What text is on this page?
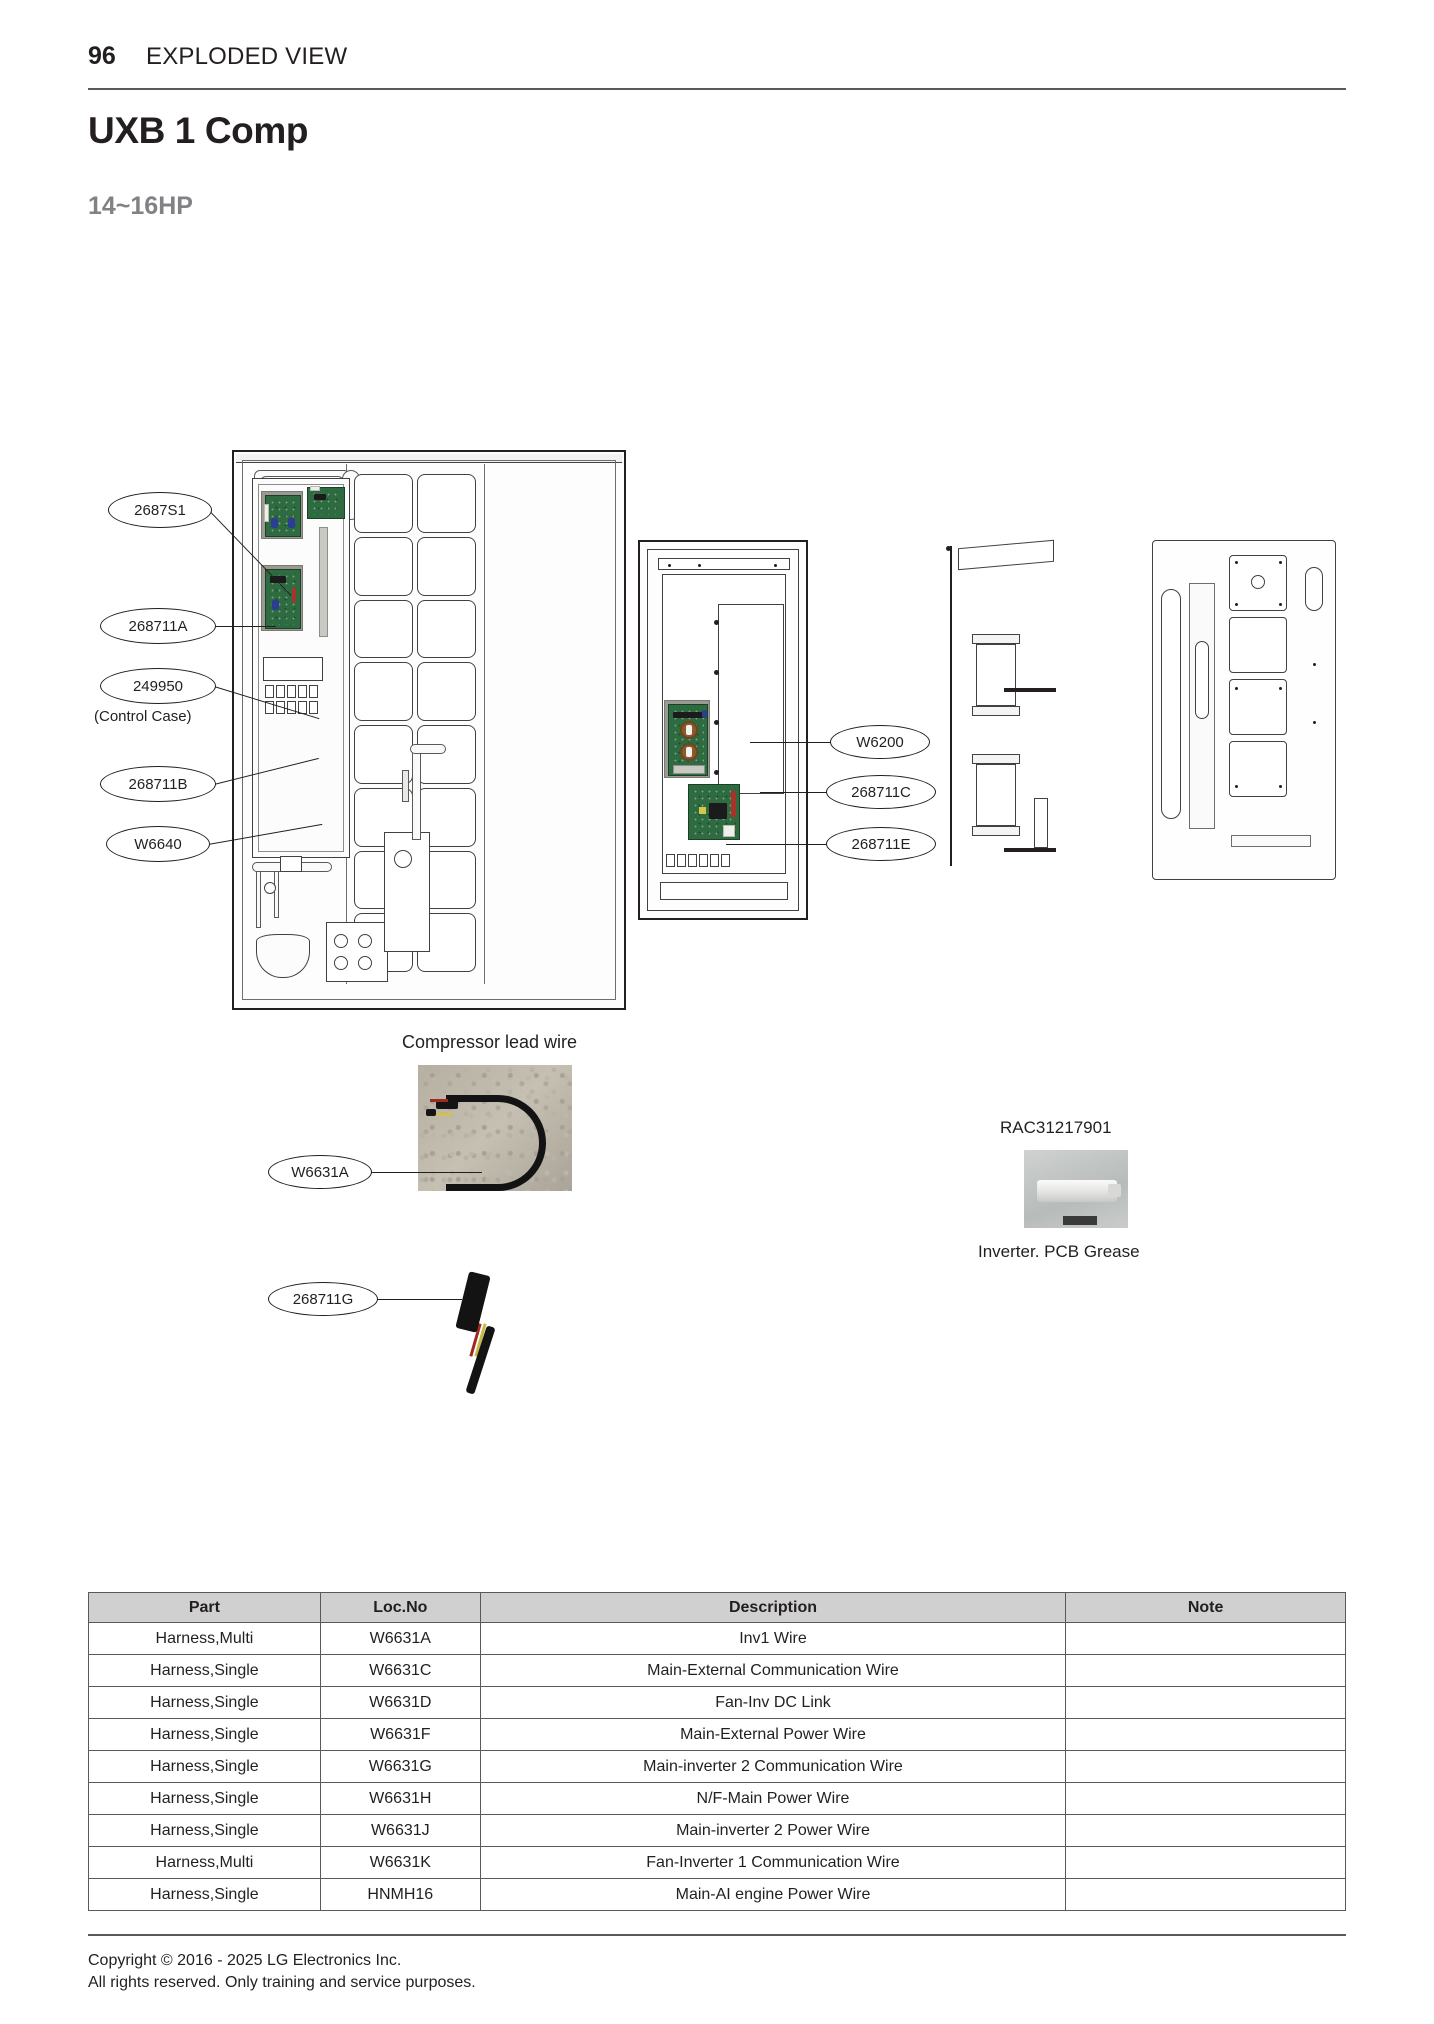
96	EXPLODED VIEW
UXB 1 Comp
14~16HP
2687S1
268711A
249950
(Control Case)
268711B
W6640
W6200
268711C
268711E
Compressor lead wire
W6631A
268711G
RAC31217901
Inverter. PCB Grease
Part	Loc.No	Description	Note
Harness,Multi	W6631A	Inv1 Wire	
Harness,Single	W6631C	Main-External Communication Wire	
Harness,Single	W6631D	Fan-Inv DC Link	
Harness,Single	W6631F	Main-External Power Wire	
Harness,Single	W6631G	Main-inverter 2 Communication Wire	
Harness,Single	W6631H	N/F-Main Power Wire	
Harness,Single	W6631J	Main-inverter 2 Power Wire	
Harness,Multi	W6631K	Fan-Inverter 1 Communication Wire	
Harness,Single	HNMH16	Main-AI engine Power Wire	
Copyright © 2016 - 2025 LG Electronics Inc.
All rights reserved. Only training and service purposes.
